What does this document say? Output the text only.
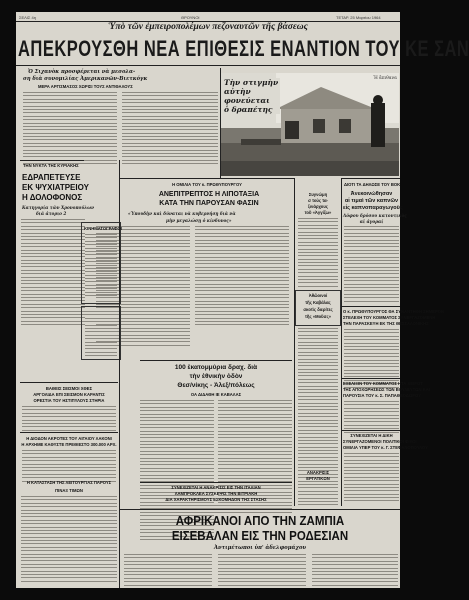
ΣΕΛΙΣ 4η	ΘΡΟΥΝΟΙ	ΤΕΤΑΡ. 25 Μαρτίου 1964

Ὑπὸ τῶν ἐμπειροπολέμων πεζοναυτῶν τῆς βάσεως

ΑΠΕΚΡΟΥΣΘΗ ΝΕΑ ΕΠΙΘΕΣΙΣ ΕΝΑΝΤΙΟΝ ΤΟΥ ΚΕ ΣΑΝ

Ὁ Σιχανὸκ προσφέρεται νὰ μεσολα-

ση διὰ συνομιλίας Ἀμερικανῶν-Βιετκόγκ

ΜΕΡΑ ΑΡΓΙΣΜΑΣΟΣ ΧΩΡΙΣΙ ΤΟΥΣ ΑΝΤΙΘΑΛΟΥΣ

ΤΗΝ ΝΥΚΤΑ ΤΗΣ ΚΥΡΙΑΚΗΣ

ΕΔΡΑΠΕΤΕΥΣΕ

ΕΚ ΨΥΧΙΑΤΡΕΙΟΥ

Η ΔΟΛΟΦΟΝΟΣ

Κατηγορία τῶν Χρονοπούλων

διά ἀτοριο 2

Τὴν στιγμὴν
αὐτὴν
φονεύεται
ὁ δραπέτης

Ἡ ἄπιθανα

Η ΟΜΙΛΙΑ ΤΟΥ κ. ΠΡΩΘΥΠΟΥΡΓΟΥ

ΑΝΕΠΙΤΡΕΠΤΟΣ Η ΛΙΠΟΤΑΞΙΑ

ΚΑΤΑ ΤΗΝ ΠΑΡΟΥΣΑΝ ΦΑΣΙΝ

«Ὑπουδὴν καὶ δύναται νὰ κυβερνήσῃ διὰ νὰ

μὴν μεγαλώσῃ ὁ κίνδυνος»

Συγνώμη

σ τοὺς τα-

ξινάρχους

τοῦ «Ἀγγίζω»

Ἀθῶοινοί

τῆς Καβάλας

σκοτὶς διερίτες

τῆς «Μοῦσς»

ΔΙΟΤΙ ΤΑ ΔΗΛΩΣΕ ΤΟΥ ΒΟΚ

Ἀνεκοινώθησαν

αἱ τιμαὶ τῶν καπνῶν

εἰς καπνοπαραγωγοὺς

Λόφου δρόσου κατοντικὸς

αἱ ἀγοραί

Ο κ. ΠΡΩΘΥΠΟΥΡΓΟΣ ΘΑ ΣΥΝΑΝΤΗΘΗ ΣΗΜΕΡΟΝ

ΣΤΕΛΕΧΗ ΤΟΥ ΚΟΜΜΑΤΟΣ ΣΥΝΕΡΓΑΖΟΜΕΝΗ

ΤΗΝ ΠΑΡΑΣΚΕΥΗ ΕΚ ΤΗΣ ΘΕΣΣΑΛΟΝΙΚΗΣ

ΕΞΕΛΙΞΙΝ ΤΟΥ ΚΟΜΜΑΤΟΣ ΗΤΑ ΧΕΙΡΟΤ

ΤΗΣ ΑΠΟΧΩΡΗΣΕΩΣ ΤΩΝ ΒΟΥΛΕΥΤΩΝ ΚΑΙ

ΠΑΡΟΥΣΙΑ ΤΟΥ κ. Σ. ΠΑΠΑΘΕΟΔΩΡΟΥ

ΣΥΝΕΧΙΖΕΤΑΙ Η ΔΙΚΗ

ΣΥΝΕΡΓΑΖΟΜΕΝΟΙ ΠΟΛΙΤΙΚΟΙ ΦΙΛΟΙ

ΟΜΙΛΙΑ ΥΠΕΡ ΤΟΥ κ. Γ. ΣΤΕΦΑΝΟΠΟΥΛΟΥ

100 ἑκατομμύρια δραχ. διὰ

τὴν ἐθνικὴν ὁδὸν

Θεσ/νίκης - Ἀλεξ/πόλεως

ΟΑ ΔΙΔΑΘΗ ΙΕ ΚΑΒΑΛΑΣ

ΚΙΝΗΜΑΤΟΓΡΑΦΟΙ

ΒΑΘΕΙΣ ΣΕΙΣΜΟΙ ΧΘΕΣ

ΑΡΓΟΛΙΔΑ ΕΠΙ ΣΕΙΣΜΟΝ ΚΑΡΑΝΤΙΣ

ΟΡΕΣΤΙΑ ΤΟΥ ΗΣΤΙΠΥΛΟΥΣ ΣΤΗΡΙΑ

Η ΔΙΟΔΟΝ ΑΚΡΟΤΕΣ ΤΟΥ ΑΙΓΑΙΟΥ ΛΑΚΟΝΙ

Η ΑΡΧΗΜΕ ΚΑΘΥΣΤΕ ΠΡΕΘΙΕΣΤΟ 300.000 ΑΡΧ.

Η ΚΑΤΑΣΤΑΣΗ ΤΗΣ ΛΕΙΤΟΥΡΓΙΑΣ ΠΑΡΟΥΣ

ΠΙΝΑΞ ΤΙΜΩΝ

ΣΥΝΕΧΙΖΕΤΑΙ Η ΑΝΑΚΡΙΣΙΣ ΕΙΣ ΤΗΝ ΙΤΑΛΙΑΝ

ΛΑΜΠΡΟΚΛΕΑ ΣΥΣΚΕΨΙΣ ΤΗΝ ΒΙΤΡΙΑΚΗ

ΔΙΑ ΧΑΡΑΚΤΗΡΙΣΜΟΥΣ ΕΣΚΟΜΗΔΟΝ ΤΗΣ ΣΤΑΣΗΣ

ΑΝΑΚΡΙΣΙΣ

ΕΡΓΑΤΙΚΩΝ

ΑΦΡΙΚΑΝΟΙ ΑΠΟ ΤΗΝ ΖΑΜΠΙΑ

ΕΙΣΕΒΑΛΑΝ ΕΙΣ ΤΗΝ ΡΟΔΕΣΙΑΝ

Ἀντιμέτωποι ὑπ' ἀδελφομάχου
